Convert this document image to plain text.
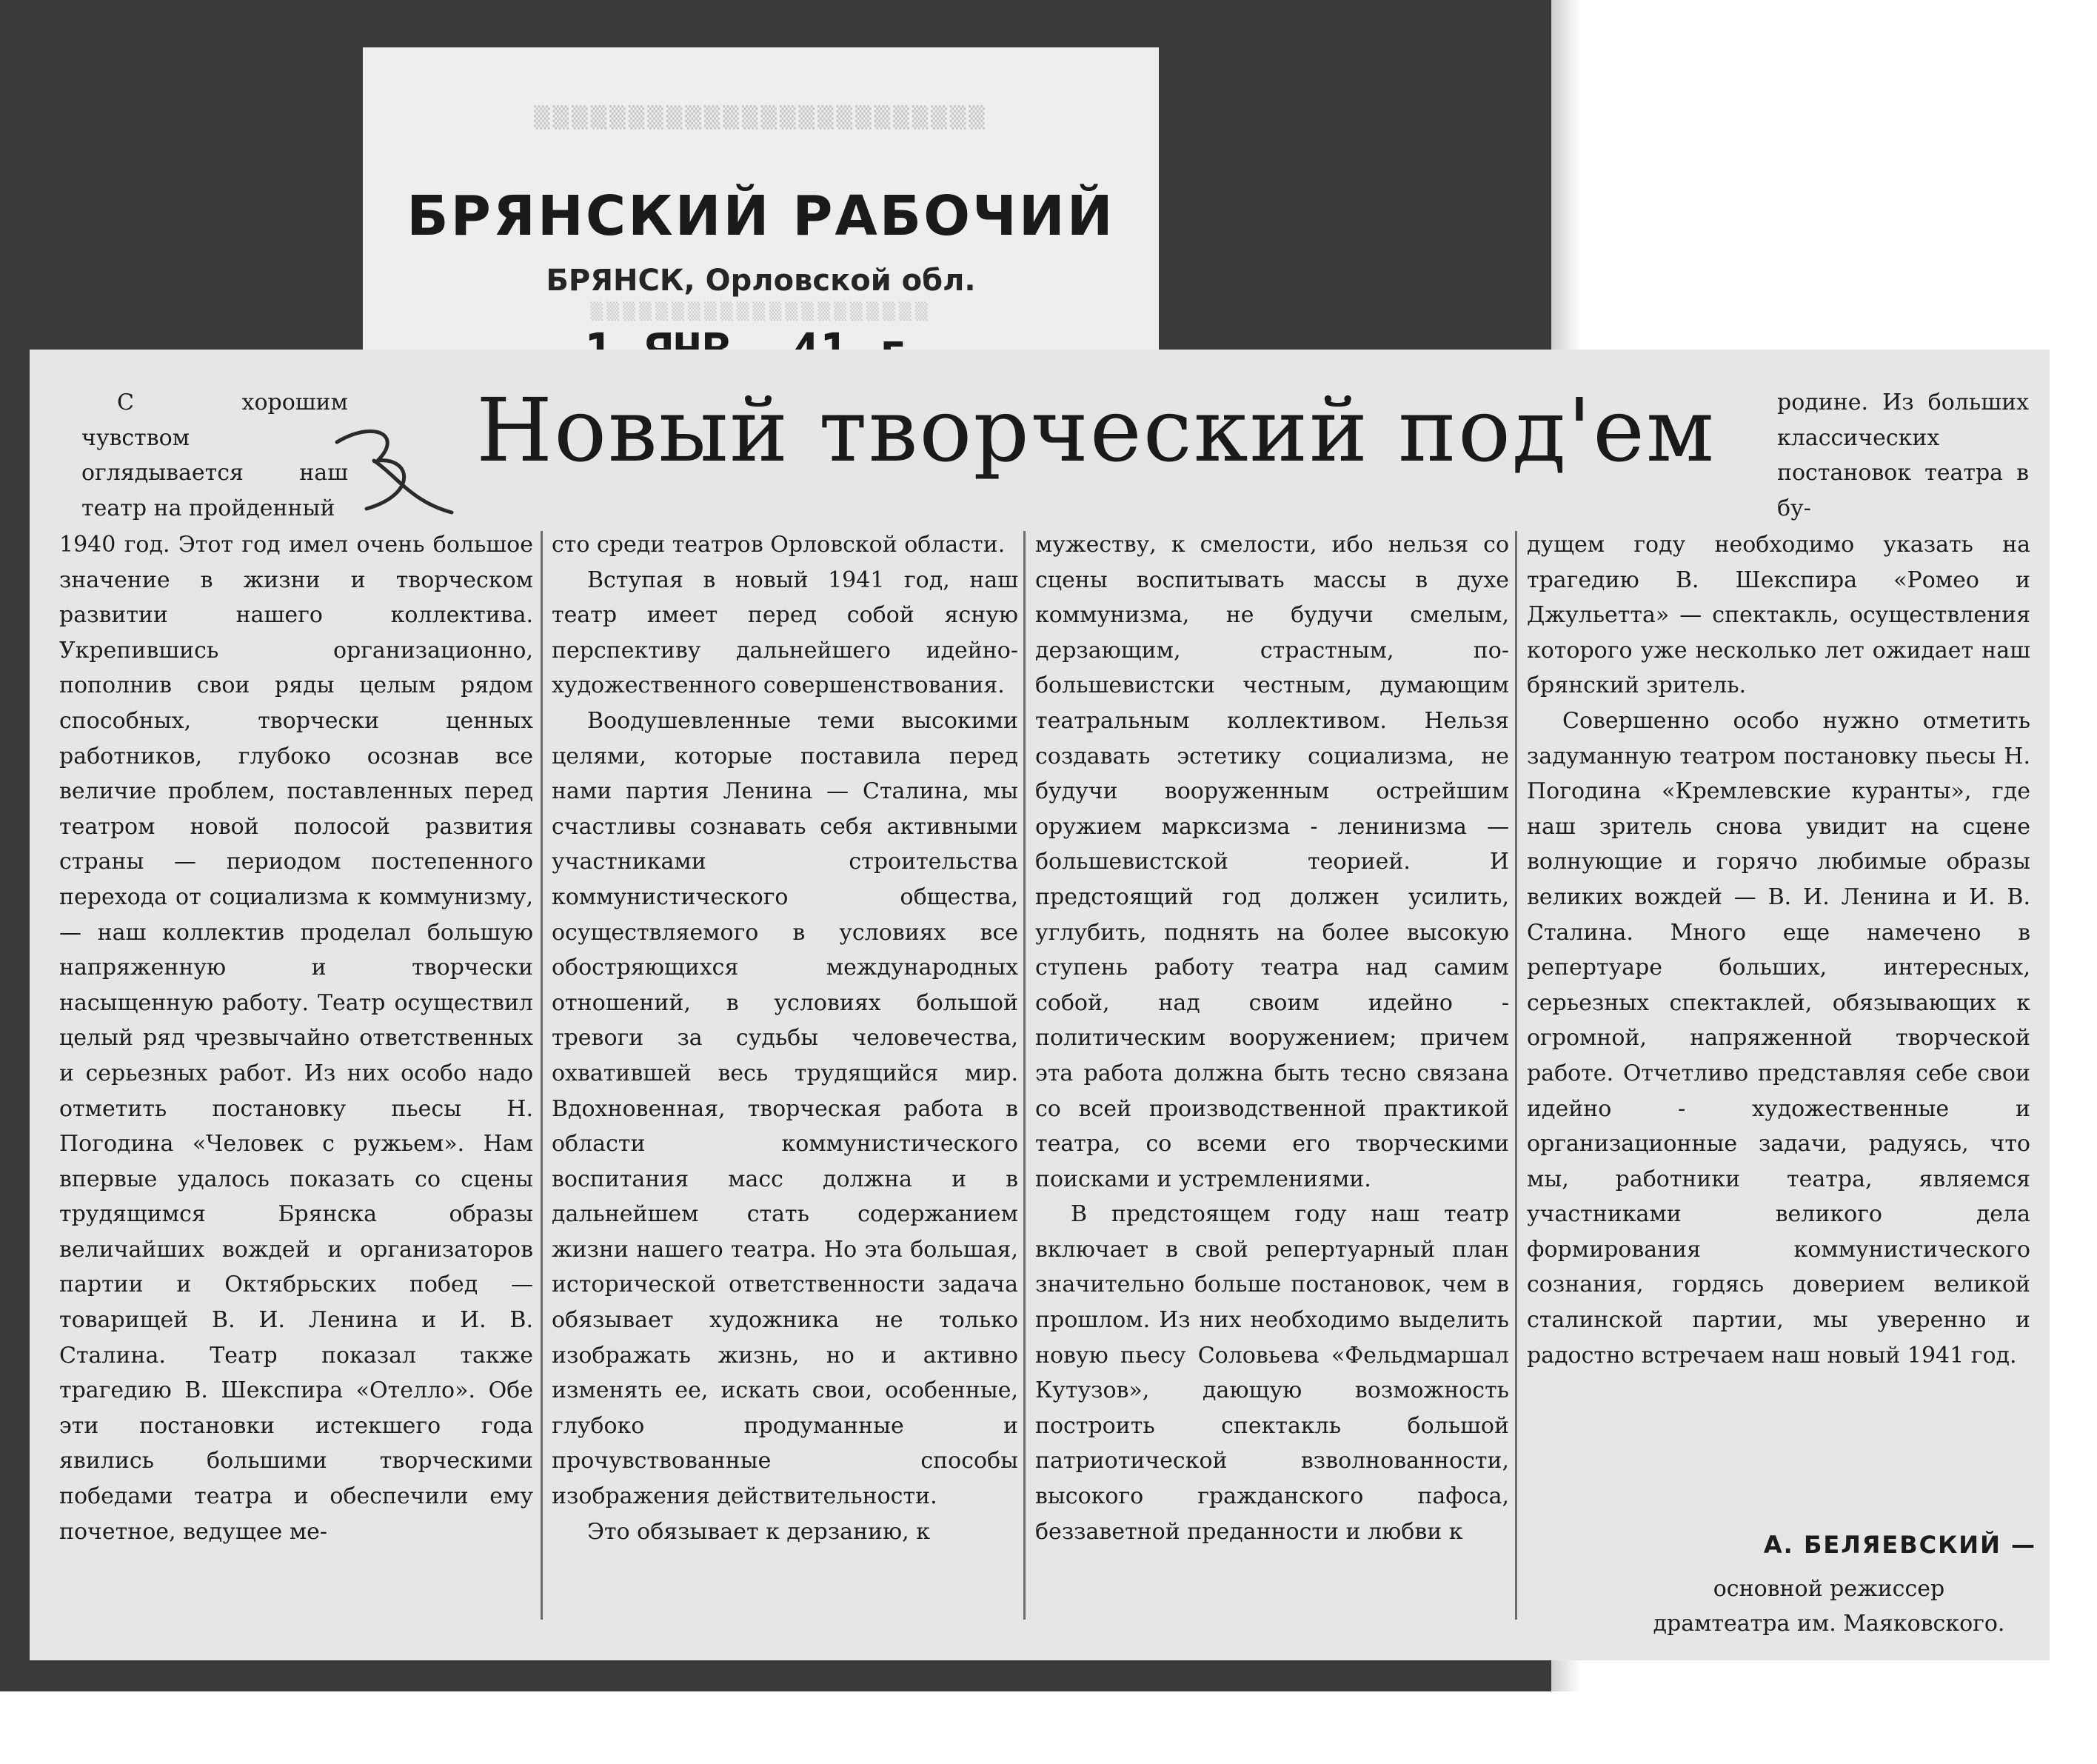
▒▒▒▒▒▒▒▒▒▒▒▒▒▒▒▒▒▒▒▒▒▒▒▒
БРЯНСКИЙ РАБОЧИЙ
БРЯНСК, Орловской обл.
▒▒▒▒▒▒▒▒▒▒▒▒▒▒▒▒▒▒▒▒▒
Новый творческий под'ем

С хорошим чувством оглядывается наш театр на пройденный

родине. Из больших классических постановок театра в бу-

1940 год. Этот год имел очень большое значение в жизни и творческом развитии нашего коллектива. Укрепившись организационно, пополнив свои ряды целым рядом способных, творчески ценных работников, глубоко осознав все величие проблем, поставленных перед театром новой полосой развития страны — периодом постепенного перехода от социализма к коммунизму, — наш коллектив проделал большую напряженную и творчески насыщенную работу. Театр осуществил целый ряд чрезвычайно ответственных и серьезных работ. Из них особо надо отметить постановку пьесы Н. Погодина «Человек с ружьем». Нам впервые удалось показать со сцены трудящимся Брянска образы величайших вождей и организаторов партии и Октябрьских побед — товарищей В. И. Ленина и И. В. Сталина. Театр показал также трагедию В. Шекспира «Отелло». Обе эти постановки истекшего года явились большими творческими победами театра и обеспечили ему почетное, ведущее ме-

сто среди театров Орловской области.

Вступая в новый 1941 год, наш театр имеет перед собой ясную перспективу дальнейшего идейно-художественного совершенствования.

Воодушевленные теми высокими целями, которые поставила перед нами партия Ленина — Сталина, мы счастливы сознавать себя активными участниками строительства коммунистического общества, осуществляемого в условиях все обостряющихся международных отношений, в условиях большой тревоги за судьбы человечества, охватившей весь трудящийся мир. Вдохновенная, творческая работа в области коммунистического воспитания масс должна и в дальнейшем стать содержанием жизни нашего театра. Но эта большая, исторической ответственности задача обязывает художника не только изображать жизнь, но и активно изменять ее, искать свои, особенные, глубоко продуманные и прочувствованные способы изображения действительности.

Это обязывает к дерзанию, к

мужеству, к смелости, ибо нельзя со сцены воспитывать массы в духе коммунизма, не будучи смелым, дерзающим, страстным, по-большевистски честным, думающим театральным коллективом. Нельзя создавать эстетику социализма, не будучи вооруженным острейшим оружием марксизма - ленинизма — большевистской теорией. И предстоящий год должен усилить, углубить, поднять на более высокую ступень работу театра над самим собой, над своим идейно - политическим вооружением; причем эта работа должна быть тесно связана со всей производственной практикой театра, со всеми его творческими поисками и устремлениями.

В предстоящем году наш театр включает в свой репертуарный план значительно больше постановок, чем в прошлом. Из них необходимо выделить новую пьесу Соловьева «Фельдмаршал Кутузов», дающую возможность построить спектакль большой патриотической взволнованности, высокого гражданского пафоса, беззаветной преданности и любви к

дущем году необходимо указать на трагедию В. Шекспира «Ромео и Джульетта» — спектакль, осуществления которого уже несколько лет ожидает наш брянский зритель.

Совершенно особо нужно отметить задуманную театром постановку пьесы Н. Погодина «Кремлевские куранты», где наш зритель снова увидит на сцене волнующие и горячо любимые образы великих вождей — В. И. Ленина и И. В. Сталина. Много еще намечено в репертуаре больших, интересных, серьезных спектаклей, обязывающих к огромной, напряженной творческой работе. Отчетливо представляя себе свои идейно - художественные и организационные задачи, радуясь, что мы, работники театра, являемся участниками великого дела формирования коммунистического сознания, гордясь доверием великой сталинской партии, мы уверенно и радостно встречаем наш новый 1941 год.

А. БЕЛЯЕВСКИЙ —
основной режиссер
драмтеатра им. Маяковского.
